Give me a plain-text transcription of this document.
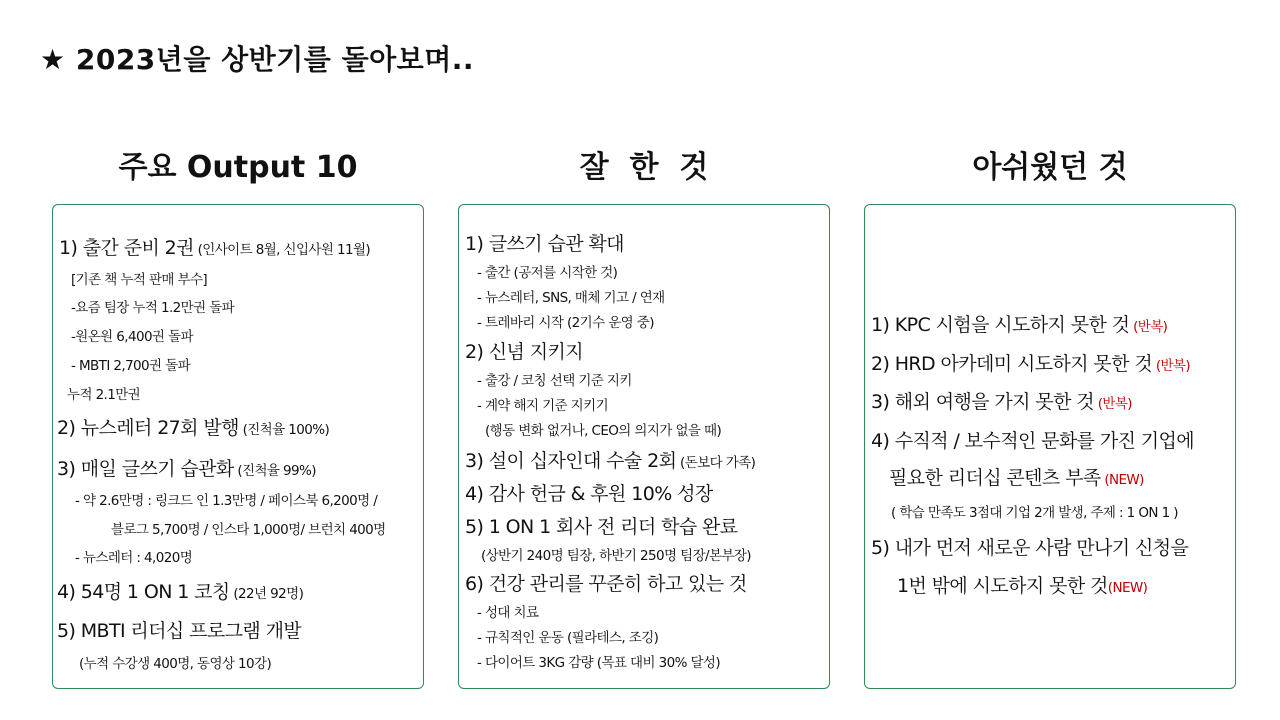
★ 2023년을 상반기를 돌아보며..
주요 Output 10	잘  한  것	아쉬웠던 것
1) 출간 준비 2권 (인사이트 8월, 신입사원 11월)
[기존 책 누적 판매 부수]
-요즘 팀장 누적 1.2만권 돌파
-원온원 6,400권 돌파
- MBTI 2,700권 돌파
누적 2.1만권
2) 뉴스레터 27회 발행 (진척율 100%)
3) 매일 글쓰기 습관화 (진척율 99%)
- 약 2.6만명 : 링크드 인 1.3만명 / 페이스북 6,200명 /
블로그 5,700명 / 인스타 1,000명/ 브런치 400명
- 뉴스레터 : 4,020명
4) 54명 1 ON 1 코칭 (22년 92명)
5) MBTI 리더십 프로그램 개발
(누적 수강생 400명, 동영상 10강)
1) 글쓰기 습관 확대
- 출간 (공저를 시작한 것)
- 뉴스레터, SNS, 매체 기고 / 연재
- 트레바리 시작 (2기수 운영 중)
2) 신념 지키지
- 출강 / 코칭 선택 기준 지키
- 계약 해지 기준 지키기
(행동 변화 없거나, CEO의 의지가 없을 때)
3) 설이 십자인대 수술 2회 (돈보다 가족)
4) 감사 헌금 & 후원 10% 성장
5) 1 ON 1 회사 전 리더 학습 완료
(상반기 240명 팀장, 하반기 250명 팀장/본부장)
6) 건강 관리를 꾸준히 하고 있는 것
- 성대 치료
- 규칙적인 운동 (필라테스, 조깅)
- 다이어트 3KG 감량 (목표 대비 30% 달성)
1) KPC 시험을 시도하지 못한 것 (반복)
2) HRD 아카데미 시도하지 못한 것 (반복)
3) 해외 여행을 가지 못한 것 (반복)
4) 수직적 / 보수적인 문화를 가진 기업에
필요한 리더십 콘텐츠 부족 (NEW)
( 학습 만족도 3점대 기업 2개 발생, 주제 : 1 ON 1 )
5) 내가 먼저 새로운 사람 만나기 신청을
1번 밖에 시도하지 못한 것(NEW)
